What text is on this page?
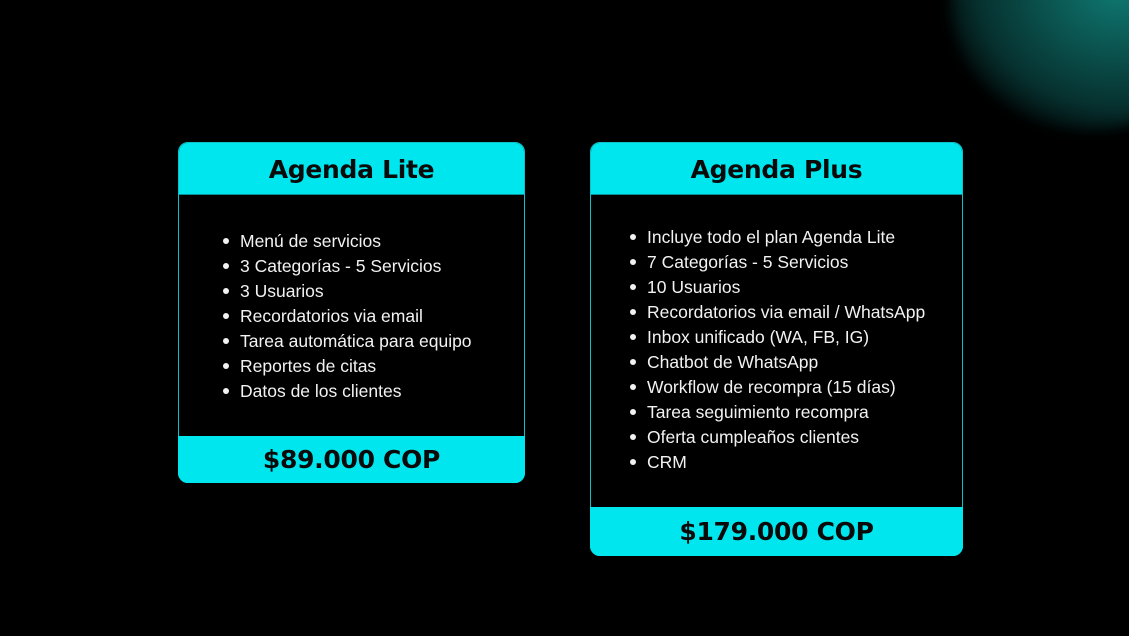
Agenda Lite
Menú de servicios
3 Categorías - 5 Servicios
3 Usuarios
Recordatorios via email
Tarea automática para equipo
Reportes de citas
Datos de los clientes
$89.000 COP
Agenda Plus
Incluye todo el plan Agenda Lite
7 Categorías - 5 Servicios
10 Usuarios
Recordatorios via email / WhatsApp
Inbox unificado (WA, FB, IG)
Chatbot de WhatsApp
Workflow de recompra (15 días)
Tarea seguimiento recompra
Oferta cumpleaños clientes
CRM
$179.000 COP
